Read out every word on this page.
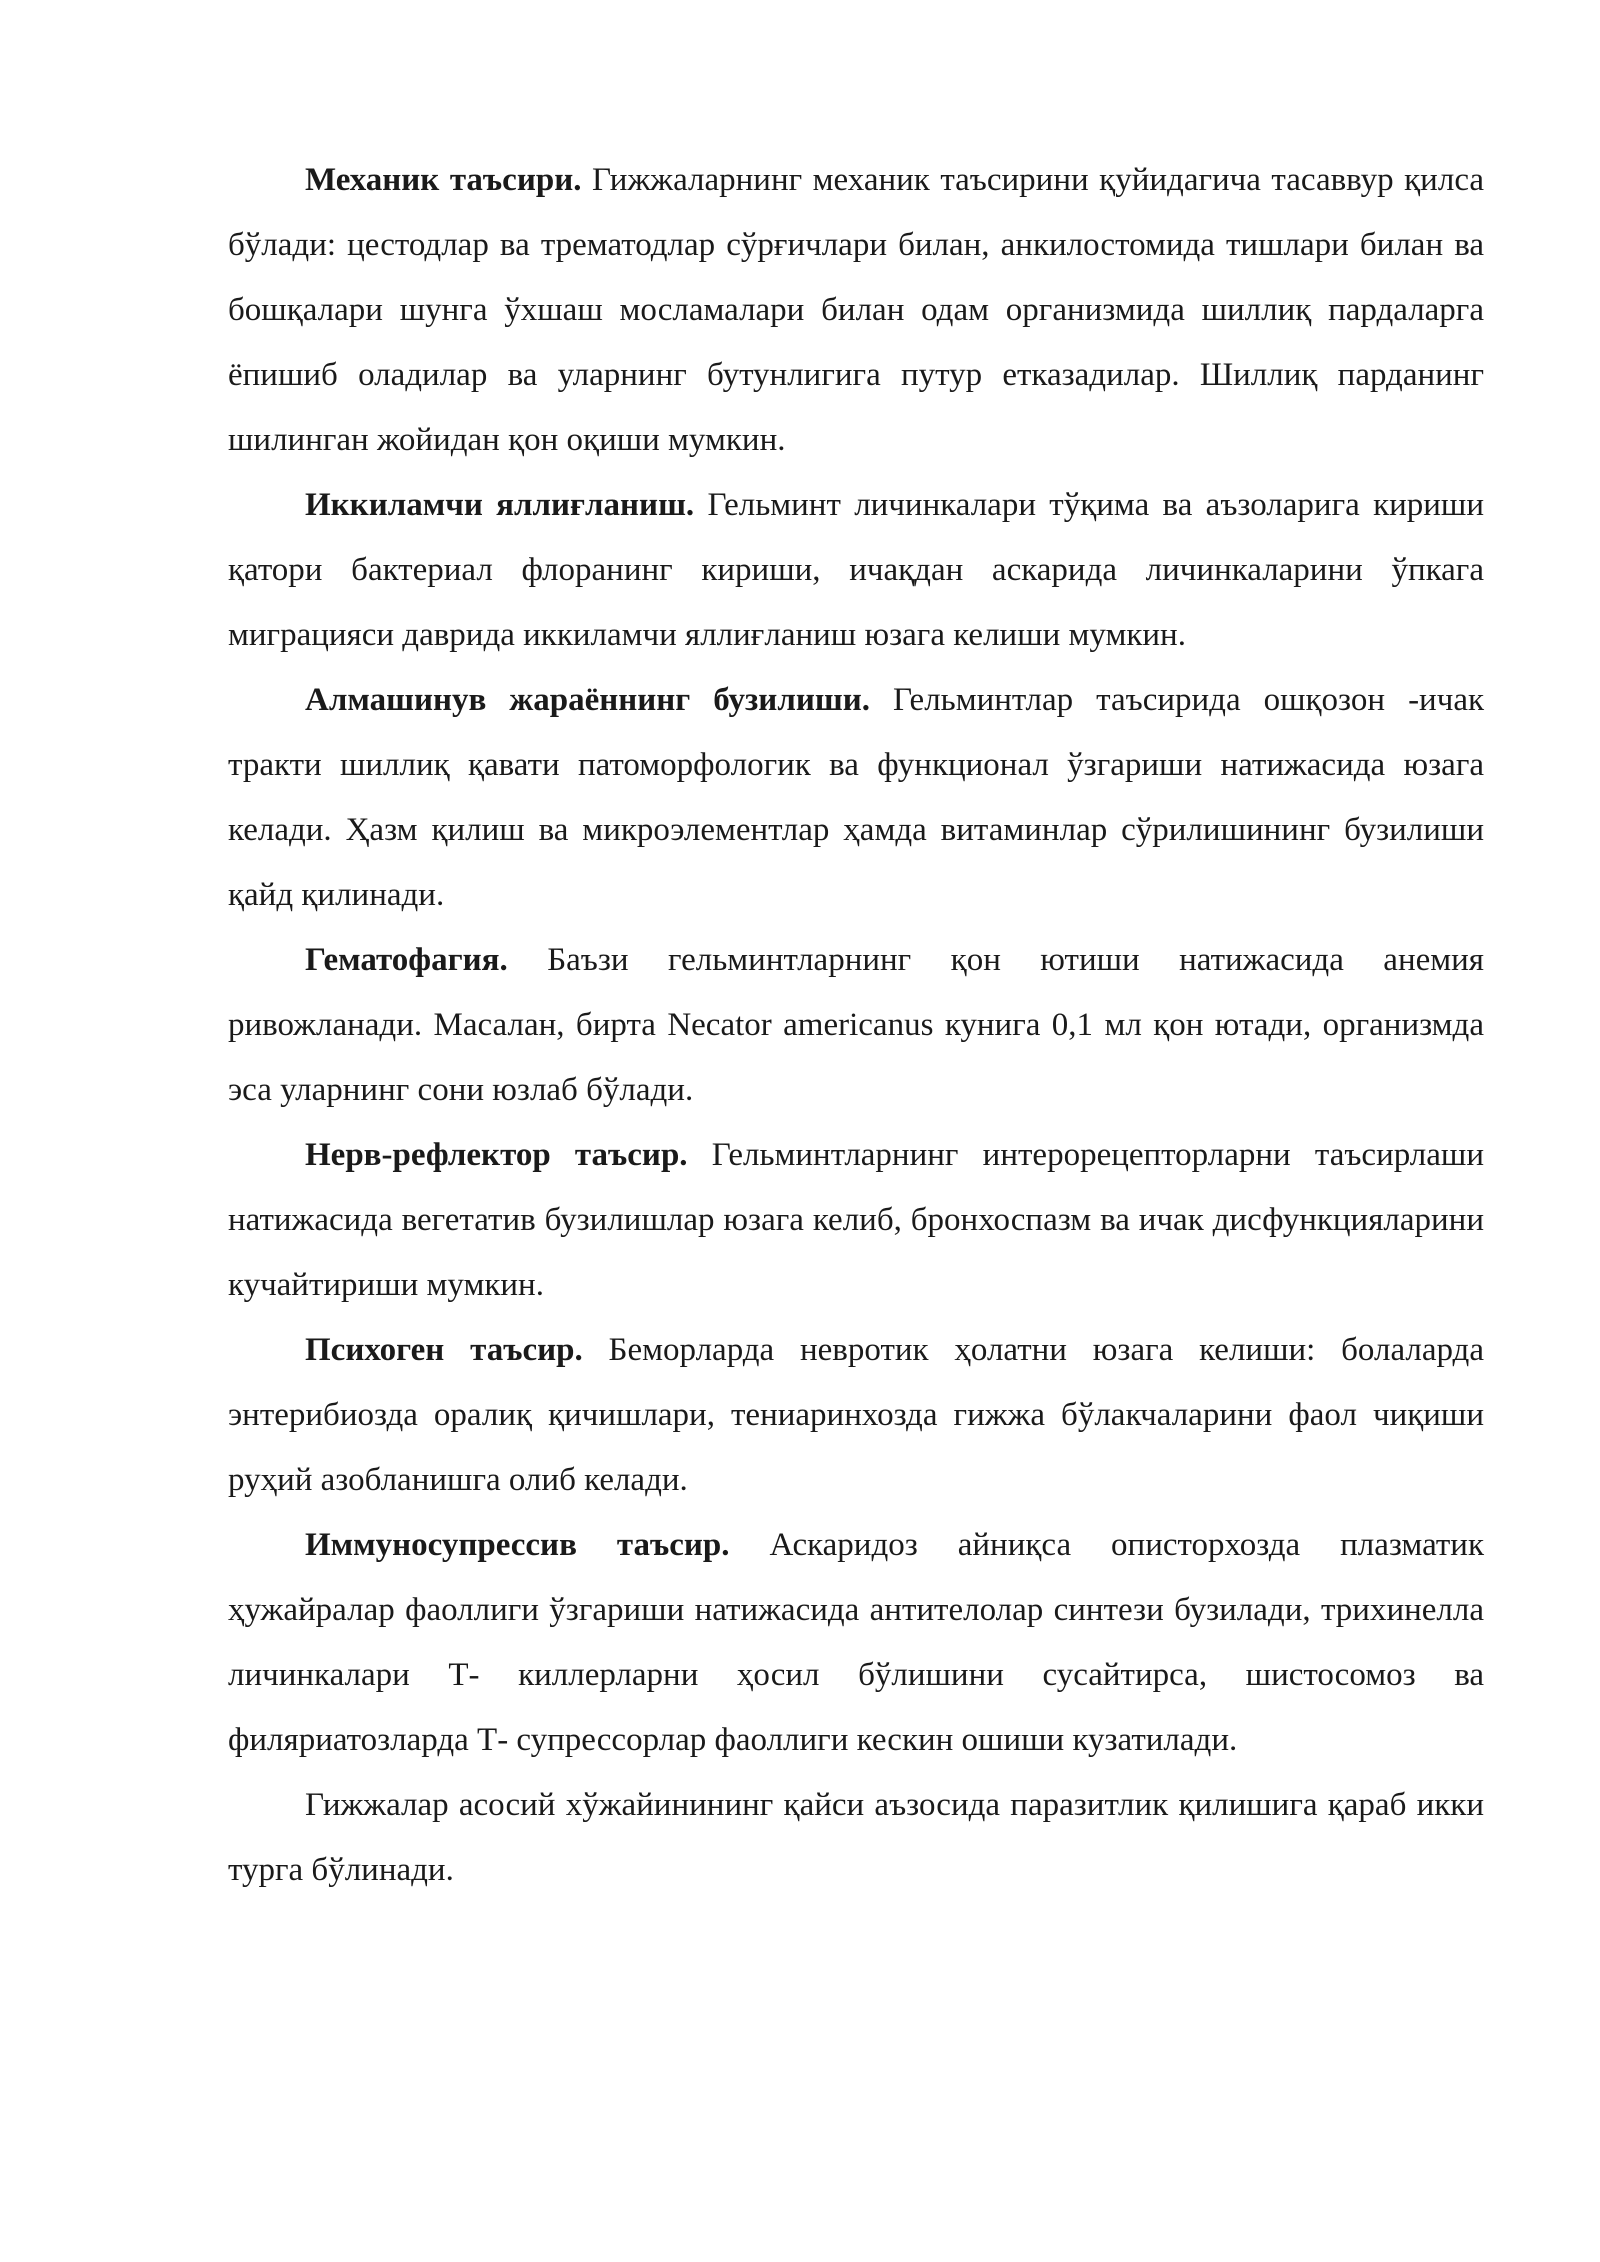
Механик таъсири. Гижжаларнинг механик таъсирини қуйидагича тасаввур қилса бўлади: цестодлар ва трематодлар сўрғичлари билан, анкилостомида тишлари билан ва бошқалари шунга ўхшаш мосламалари билан одам организмида шиллиқ пардаларга ёпишиб оладилар ва уларнинг бутунлигига путур етказадилар. Шиллиқ парданинг шилинган жойидан қон оқиши мумкин.

Иккиламчи яллиғланиш. Гельминт личинкалари тўқима ва аъзоларига кириши қатори бактериал флоранинг кириши, ичақдан аскарида личинкаларини ўпкага миграцияси даврида иккиламчи яллиғланиш юзага келиши мумкин.

Алмашинув жараённинг бузилиши. Гельминтлар таъсирида ошқозон -ичак тракти шиллиқ қавати патоморфологик ва функционал ўзгариши натижасида юзага келади. Ҳазм қилиш ва микроэлементлар ҳамда витаминлар сўрилишининг бузилиши қайд қилинади.

Гематофагия. Баъзи гельминтларнинг қон ютиши натижасида анемия ривожланади. Масалан, бирта Necator americanus кунига 0,1 мл қон ютади, организмда эса уларнинг сони юзлаб бўлади.

Нерв-рефлектор таъсир. Гельминтларнинг интерорецепторларни таъсирлаши натижасида вегетатив бузилишлар юзага келиб, бронхоспазм ва ичак дисфункцияларини кучайтириши мумкин.

Психоген таъсир. Беморларда невротик ҳолатни юзага келиши: болаларда энтерибиозда оралиқ қичишлари, тениаринхозда гижжа бўлакчаларини фаол чиқиши руҳий азобланишга олиб келади.

Иммуносупрессив таъсир. Аскаридоз айниқса описторхозда плазматик ҳужайралар фаоллиги ўзгариши натижасида антителолар синтези бузилади, трихинелла личинкалари Т- киллерларни ҳосил бўлишини сусайтирса, шистосомоз ва филяриатозларда Т- супрессорлар фаоллиги кескин ошиши кузатилади.

Гижжалар асосий хўжайинининг қайси аъзосида паразитлик қилишига қараб икки турга бўлинади.
